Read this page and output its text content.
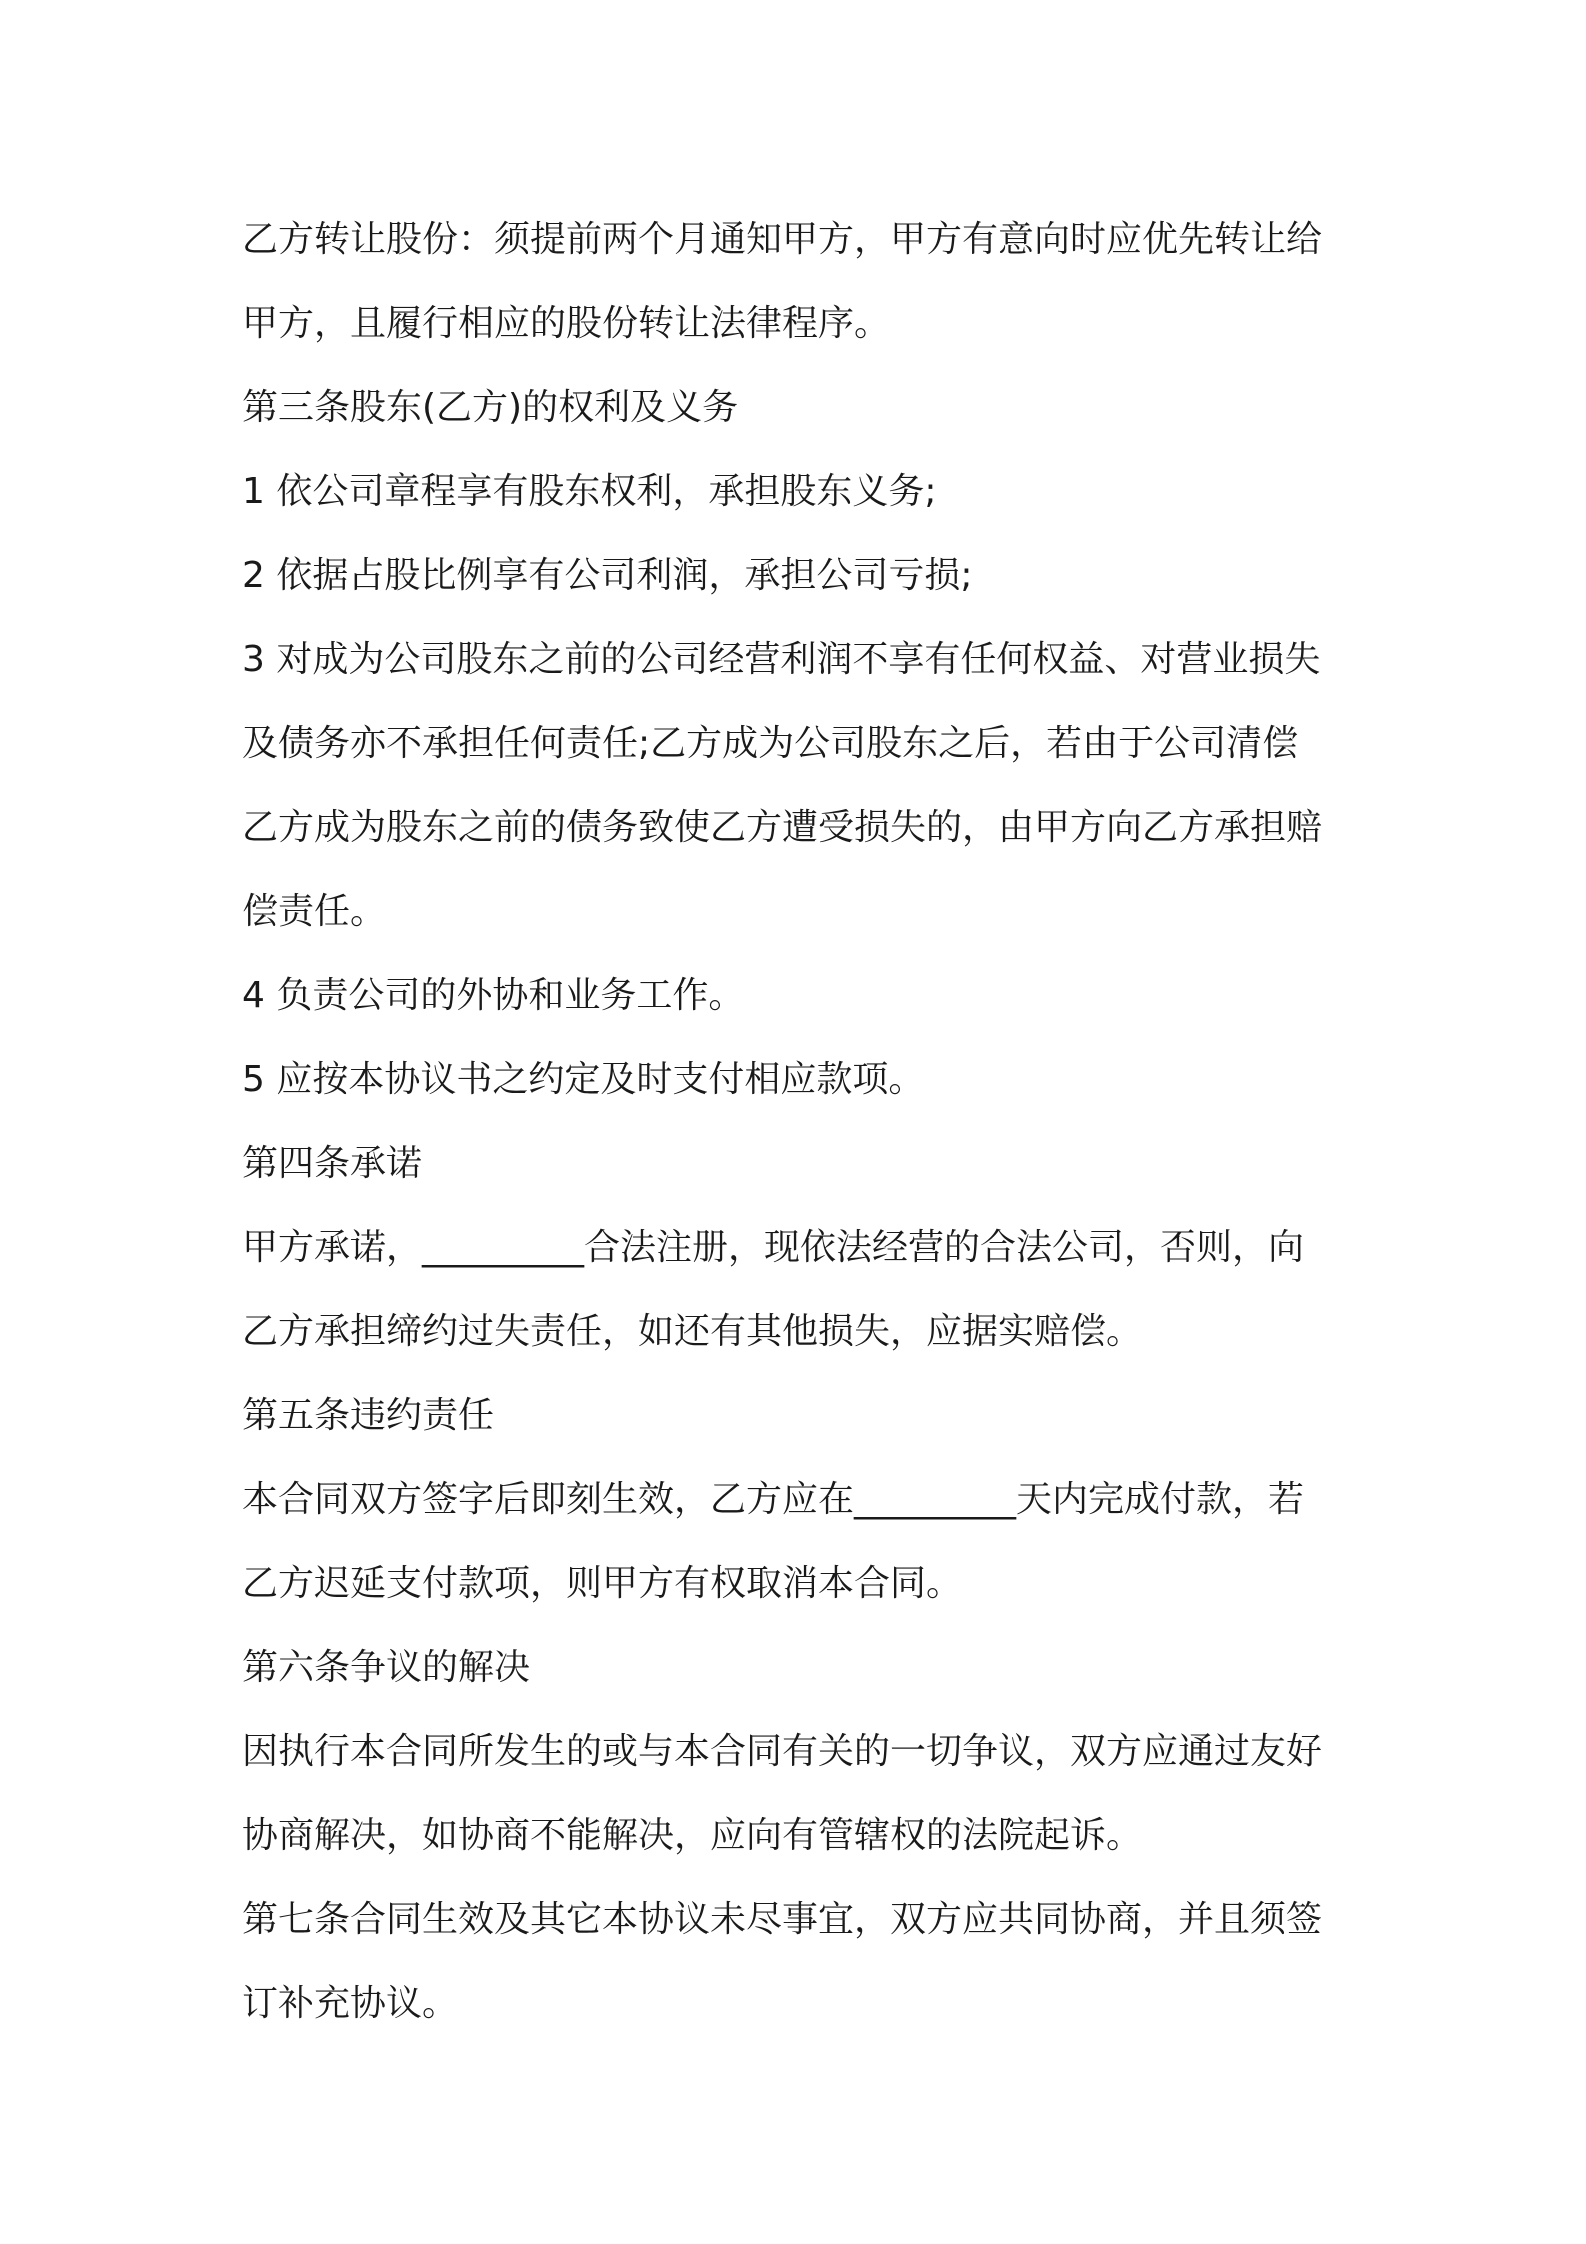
乙方转让股份：须提前两个月通知甲方，甲方有意向时应优先转让给
甲方，且履行相应的股份转让法律程序。

第三条股东(乙方)的权利及义务

1 依公司章程享有股东权利，承担股东义务;

2 依据占股比例享有公司利润，承担公司亏损;

3 对成为公司股东之前的公司经营利润不享有任何权益、对营业损失
及债务亦不承担任何责任;乙方成为公司股东之后，若由于公司清偿
乙方成为股东之前的债务致使乙方遭受损失的，由甲方向乙方承担赔
偿责任。

4 负责公司的外协和业务工作。

5 应按本协议书之约定及时支付相应款项。

第四条承诺

甲方承诺，_________合法注册，现依法经营的合法公司，否则，向
乙方承担缔约过失责任，如还有其他损失，应据实赔偿。

第五条违约责任

本合同双方签字后即刻生效，乙方应在_________天内完成付款，若
乙方迟延支付款项，则甲方有权取消本合同。

第六条争议的解决

因执行本合同所发生的或与本合同有关的一切争议，双方应通过友好
协商解决，如协商不能解决，应向有管辖权的法院起诉。

第七条合同生效及其它本协议未尽事宜，双方应共同协商，并且须签
订补充协议。
